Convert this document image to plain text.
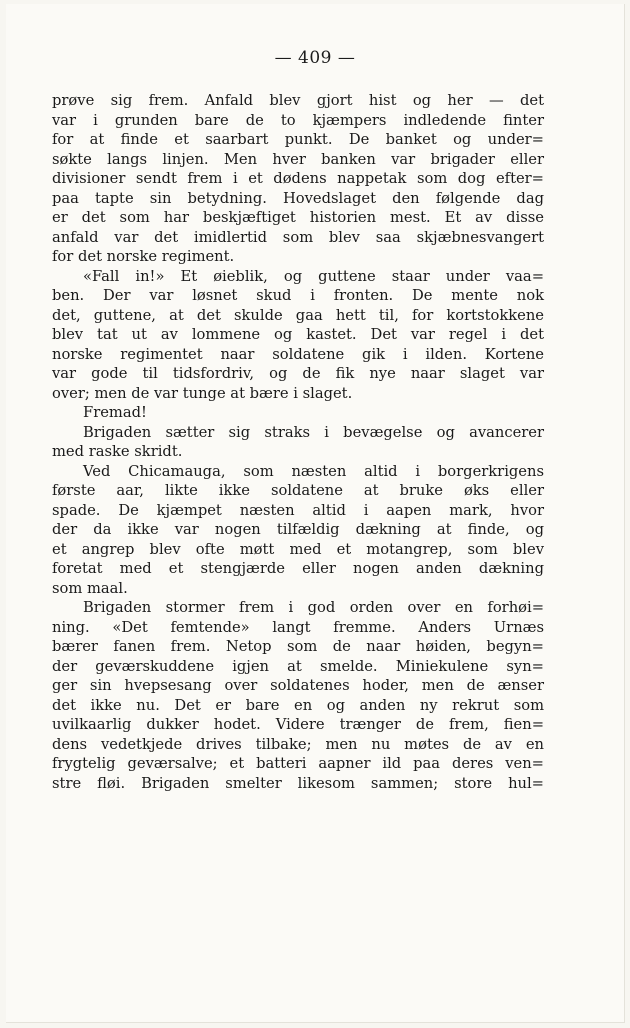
— 409 —
prøve sig frem. Anfald blev gjort hist og her — det
var i grunden bare de to kjæmpers indledende finter
for at finde et saarbart punkt. De banket og under=
søkte langs linjen. Men hver banken var brigader eller
divisioner sendt frem i et dødens nappetak som dog efter=
paa tapte sin betydning. Hovedslaget den følgende dag
er det som har beskjæftiget historien mest. Et av disse
anfald var det imidlertid som blev saa skjæbnesvangert
for det norske regiment.
«Fall in!» Et øieblik, og guttene staar under vaa=
ben. Der var løsnet skud i fronten. De mente nok
det, guttene, at det skulde gaa hett til, for kortstokkene
blev tat ut av lommene og kastet. Det var regel i det
norske regimentet naar soldatene gik i ilden. Kortene
var gode til tidsfordriv, og de fik nye naar slaget var
over; men de var tunge at bære i slaget.
Fremad!
Brigaden sætter sig straks i bevægelse og avancerer
med raske skridt.
Ved Chicamauga, som næsten altid i borgerkrigens
første aar, likte ikke soldatene at bruke øks eller
spade. De kjæmpet næsten altid i aapen mark, hvor
der da ikke var nogen tilfældig dækning at finde, og
et angrep blev ofte møtt med et motangrep, som blev
foretat med et stengjærde eller nogen anden dækning
som maal.
Brigaden stormer frem i god orden over en forhøi=
ning. «Det femtende» langt fremme. Anders Urnæs
bærer fanen frem. Netop som de naar høiden, begyn=
der geværskuddene igjen at smelde. Miniekulene syn=
ger sin hvepsesang over soldatenes hoder, men de ænser
det ikke nu. Det er bare en og anden ny rekrut som
uvilkaarlig dukker hodet. Videre trænger de frem, fien=
dens vedetkjede drives tilbake; men nu møtes de av en
frygtelig geværsalve; et batteri aapner ild paa deres ven=
stre fløi. Brigaden smelter likesom sammen; store hul=
